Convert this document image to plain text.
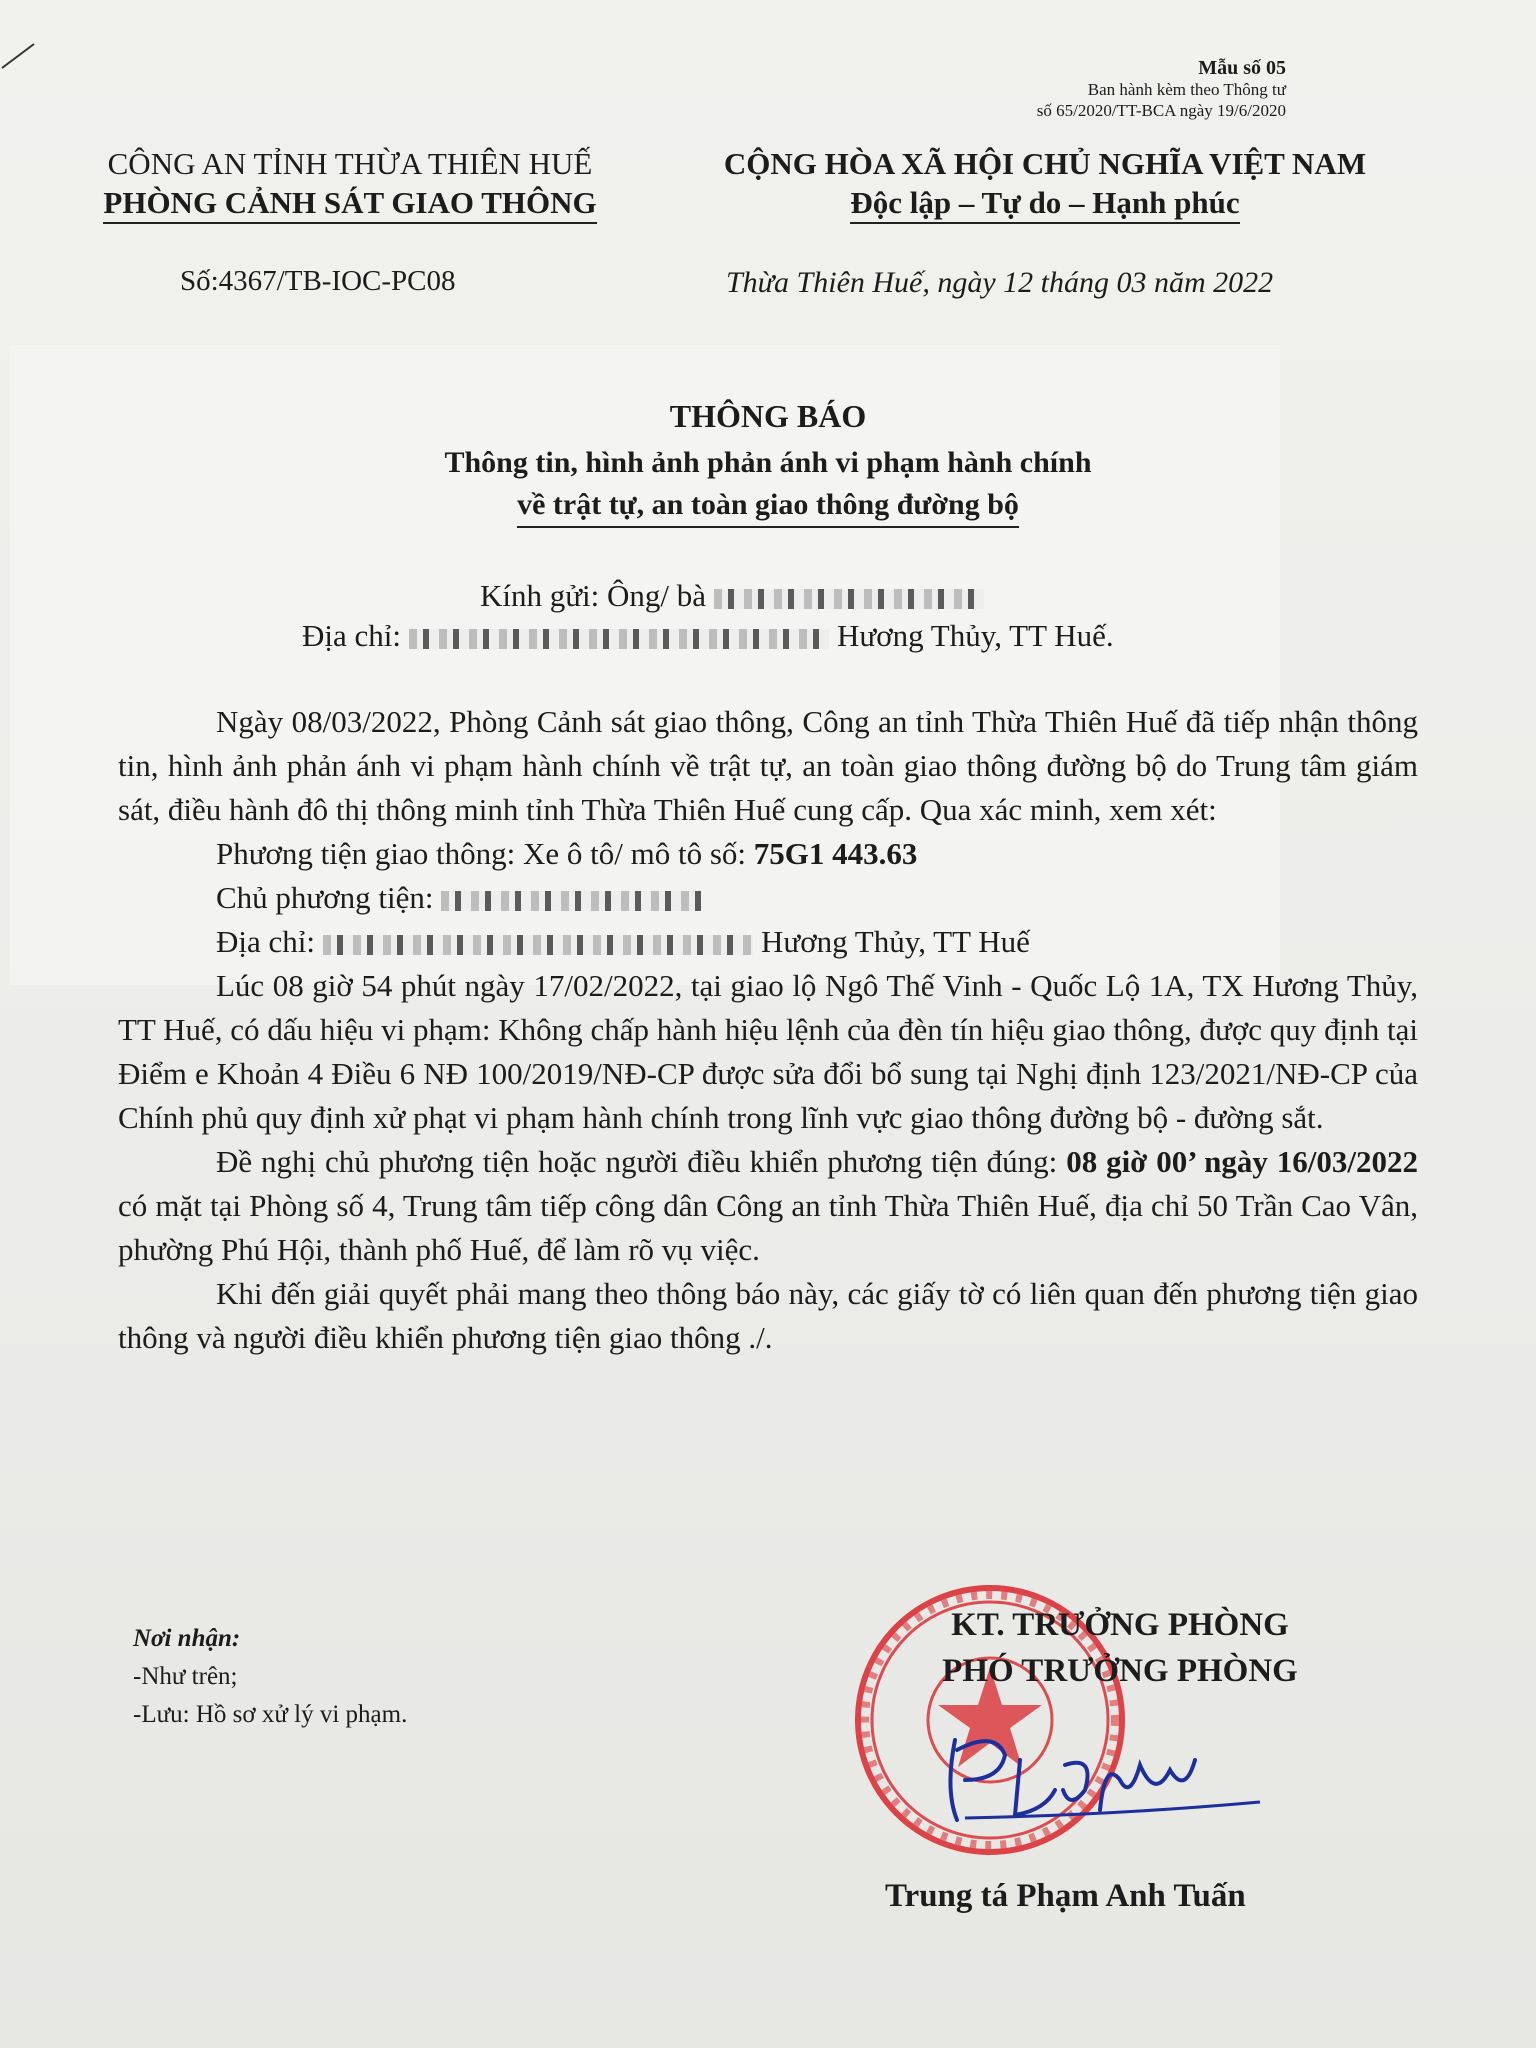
Mẫu số 05
Ban hành kèm theo Thông tư
số 65/2020/TT-BCA ngày 19/6/2020
CÔNG AN TỈNH THỪA THIÊN HUẾ
PHÒNG CẢNH SÁT GIAO THÔNG
CỘNG HÒA XÃ HỘI CHỦ NGHĨA VIỆT NAM
Độc lập – Tự do – Hạnh phúc
Số:4367/TB-IOC-PC08	Thừa Thiên Huế, ngày 12 tháng 03 năm 2022
THÔNG BÁO
Thông tin, hình ảnh phản ánh vi phạm hành chính
về trật tự, an toàn giao thông đường bộ
Kính gửi: Ông/ bà
Địa chỉ:	Hương Thủy, TT Huế.

Ngày 08/03/2022, Phòng Cảnh sát giao thông, Công an tỉnh Thừa Thiên Huế đã tiếp nhận thông tin, hình ảnh phản ánh vi phạm hành chính về trật tự, an toàn giao thông đường bộ do Trung tâm giám sát, điều hành đô thị thông minh tỉnh Thừa Thiên Huế cung cấp. Qua xác minh, xem xét:

Phương tiện giao thông: Xe ô tô/ mô tô số: 75G1 443.63

Chủ phương tiện:

Địa chỉ:	Hương Thủy, TT Huế

Lúc 08 giờ 54 phút ngày 17/02/2022, tại giao lộ Ngô Thế Vinh - Quốc Lộ 1A, TX Hương Thủy, TT Huế, có dấu hiệu vi phạm: Không chấp hành hiệu lệnh của đèn tín hiệu giao thông, được quy định tại Điểm e Khoản 4 Điều 6 NĐ 100/2019/NĐ-CP được sửa đổi bổ sung tại Nghị định 123/2021/NĐ-CP của Chính phủ quy định xử phạt vi phạm hành chính trong lĩnh vực giao thông đường bộ - đường sắt.

Đề nghị chủ phương tiện hoặc người điều khiển phương tiện đúng: 08 giờ 00’ ngày 16/03/2022 có mặt tại Phòng số 4, Trung tâm tiếp công dân Công an tỉnh Thừa Thiên Huế, địa chỉ 50 Trần Cao Vân, phường Phú Hội, thành phố Huế, để làm rõ vụ việc.

Khi đến giải quyết phải mang theo thông báo này, các giấy tờ có liên quan đến phương tiện giao thông và người điều khiển phương tiện giao thông ./.

Nơi nhận:
-Như trên;
-Lưu: Hồ sơ xử lý vi phạm.
KT. TRƯỞNG PHÒNG
PHÓ TRƯỞNG PHÒNG
Trung tá Phạm Anh Tuấn
